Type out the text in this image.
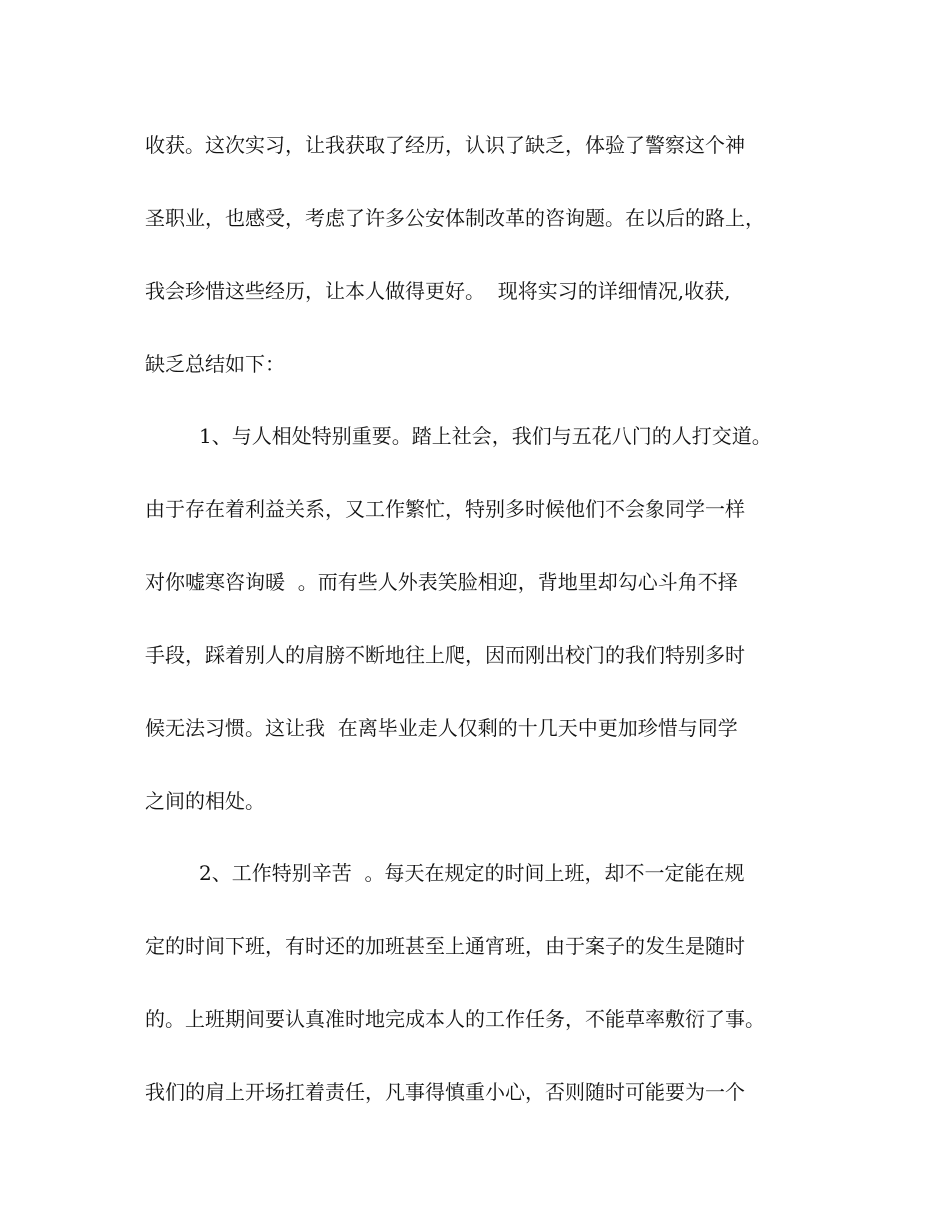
收获。这次实习，让我获取了经历，认识了缺乏，体验了警察这个神

圣职业，也感受，考虑了许多公安体制改革的咨询题。在以后的路上，

我会珍惜这些经历，让本人做得更好。  现将实习的详细情况,收获,

缺乏总结如下：

1、与人相处特别重要。踏上社会，我们与五花八门的人打交道。

由于存在着利益关系，又工作繁忙，特别多时候他们不会象同学一样

对你嘘寒咨询暖  。而有些人外表笑脸相迎，背地里却勾心斗角不择

手段，踩着别人的肩膀不断地往上爬，因而刚出校门的我们特别多时

候无法习惯。这让我  在离毕业走人仅剩的十几天中更加珍惜与同学

之间的相处。

2、工作特别辛苦  。每天在规定的时间上班，却不一定能在规

定的时间下班，有时还的加班甚至上通宵班，由于案子的发生是随时

的。上班期间要认真准时地完成本人的工作任务，不能草率敷衍了事。

我们的肩上开场扛着责任，凡事得慎重小心，否则随时可能要为一个
